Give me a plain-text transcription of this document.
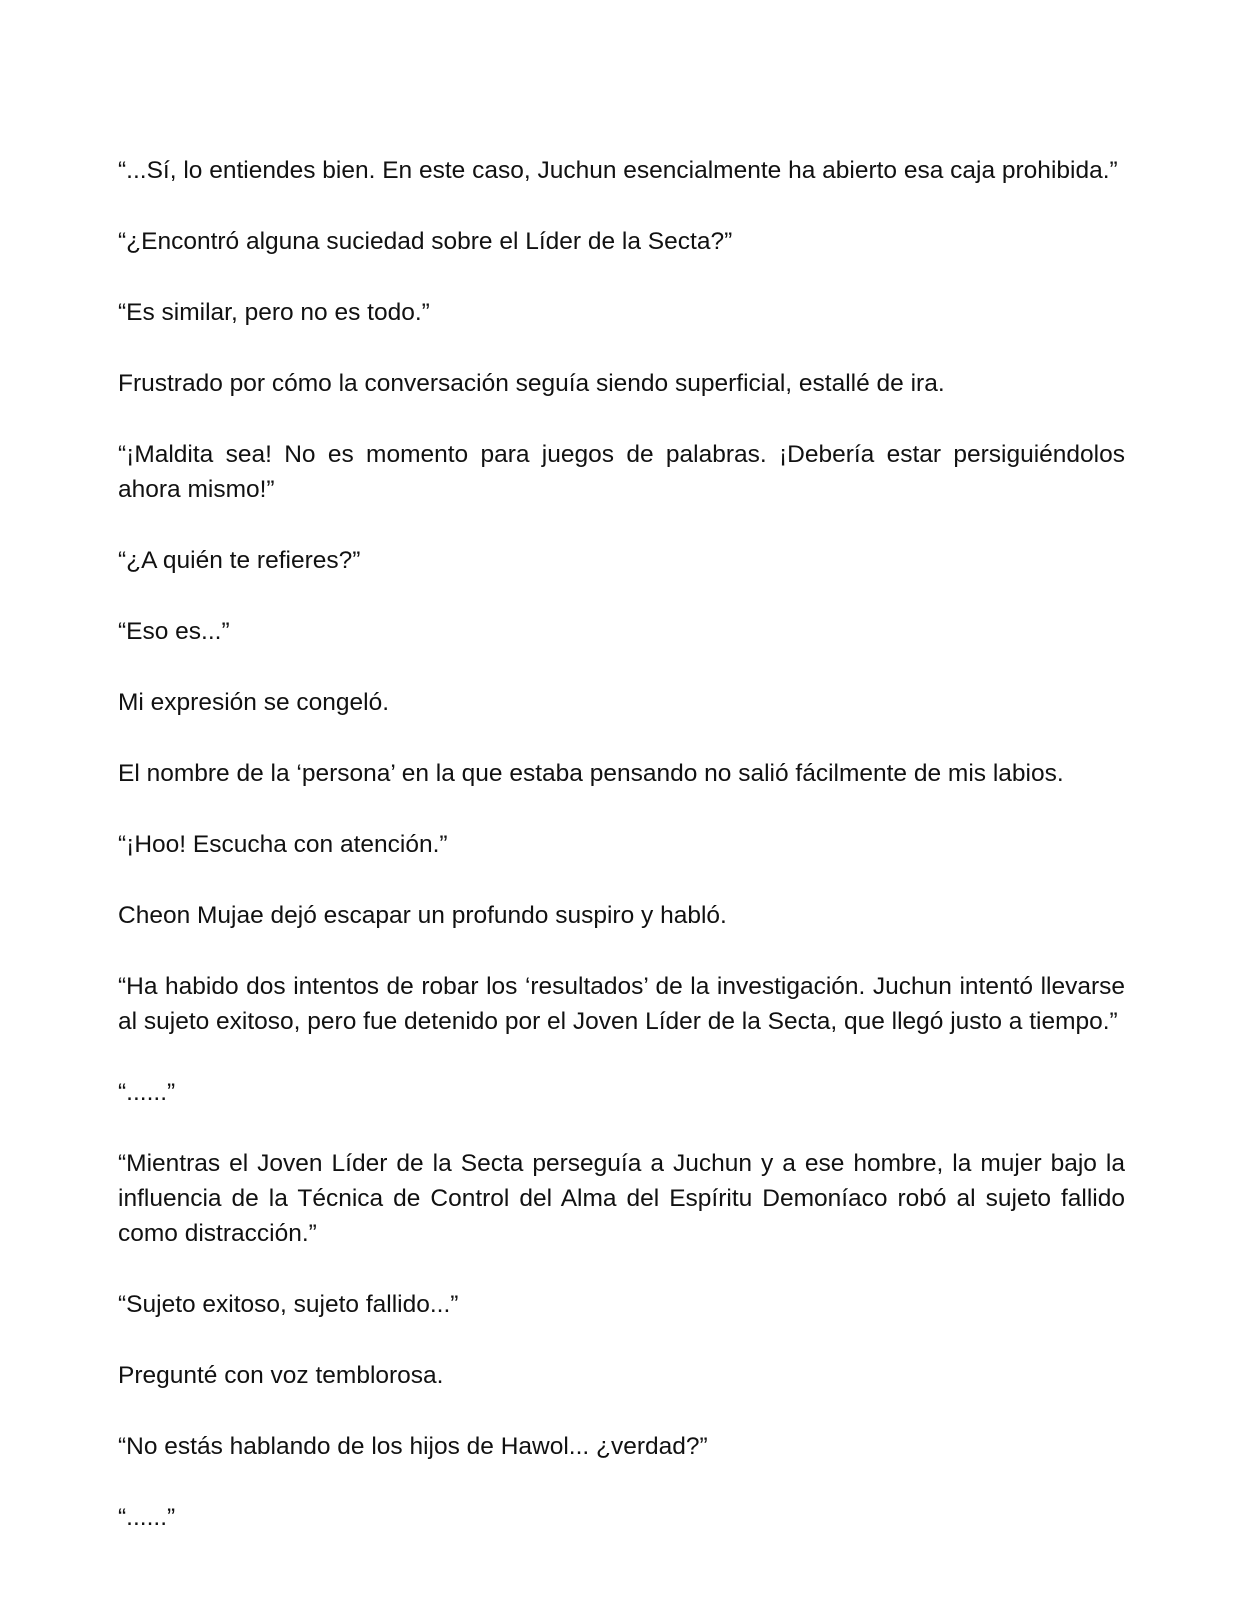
“...Sí, lo entiendes bien. En este caso, Juchun esencialmente ha abierto esa caja prohibida.”

“¿Encontró alguna suciedad sobre el Líder de la Secta?”

“Es similar, pero no es todo.”

Frustrado por cómo la conversación seguía siendo superficial, estallé de ira.

“¡Maldita sea! No es momento para juegos de palabras. ¡Debería estar persiguiéndolos ahora mismo!”

“¿A quién te refieres?”

“Eso es...”

Mi expresión se congeló.

El nombre de la ‘persona’ en la que estaba pensando no salió fácilmente de mis labios.

“¡Hoo! Escucha con atención.”

Cheon Mujae dejó escapar un profundo suspiro y habló.

“Ha habido dos intentos de robar los ‘resultados’ de la investigación. Juchun intentó llevarse al sujeto exitoso, pero fue detenido por el Joven Líder de la Secta, que llegó justo a tiempo.”

“......”

“Mientras el Joven Líder de la Secta perseguía a Juchun y a ese hombre, la mujer bajo la influencia de la Técnica de Control del Alma del Espíritu Demoníaco robó al sujeto fallido como distracción.”

“Sujeto exitoso, sujeto fallido...”

Pregunté con voz temblorosa.

“No estás hablando de los hijos de Hawol... ¿verdad?”

“......”
